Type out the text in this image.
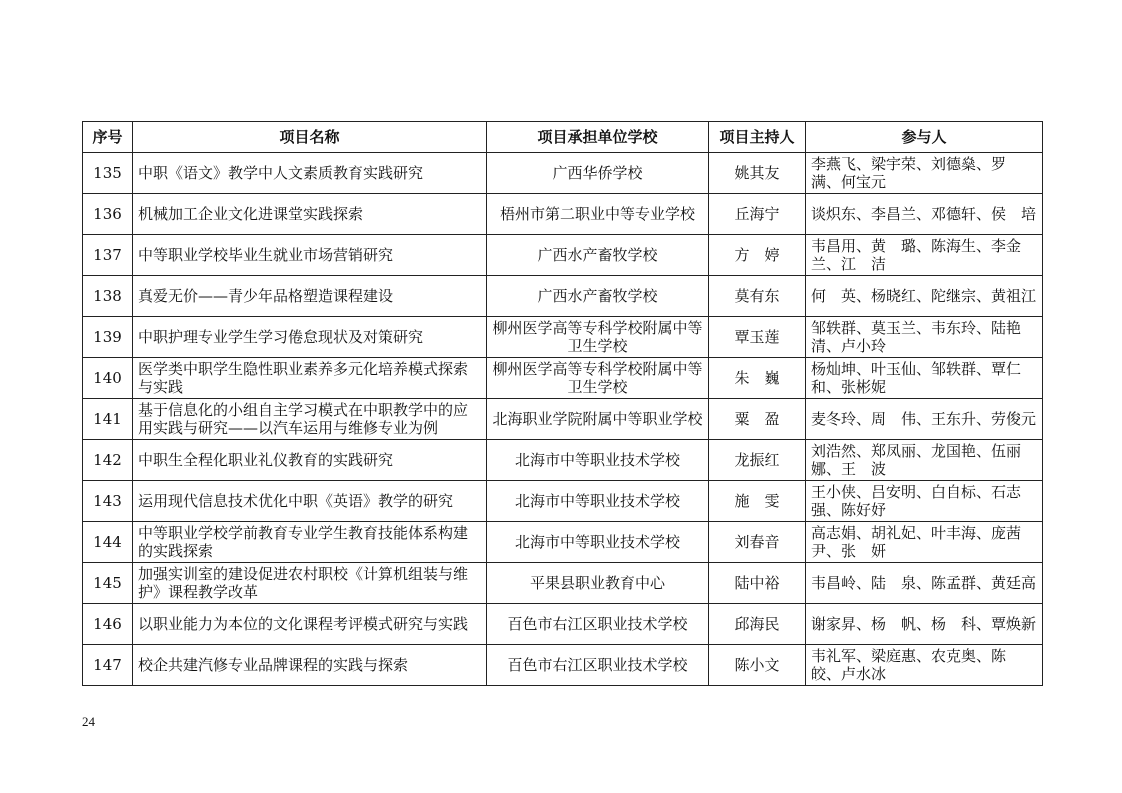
序号	项目名称	项目承担单位学校	项目主持人	参与人
135	中职《语文》教学中人文素质教育实践研究	广西华侨学校	姚其友	李燕飞、梁宇荣、刘德燊、罗　满、何宝元
136	机械加工企业文化进课堂实践探索	梧州市第二职业中等专业学校	丘海宁	谈炽东、李昌兰、邓德轩、侯　培
137	中等职业学校毕业生就业市场营销研究	广西水产畜牧学校	方　婷	韦昌用、黄　璐、陈海生、李金兰、江　洁
138	真爱无价——青少年品格塑造课程建设	广西水产畜牧学校	莫有东	何　英、杨晓红、陀继宗、黄祖江
139	中职护理专业学生学习倦怠现状及对策研究	柳州医学高等专科学校附属中等卫生学校	覃玉莲	邹轶群、莫玉兰、韦东玲、陆艳清、卢小玲
140	医学类中职学生隐性职业素养多元化培养模式探索与实践	柳州医学高等专科学校附属中等卫生学校	朱　巍	杨灿坤、叶玉仙、邹轶群、覃仁和、张彬妮
141	基于信息化的小组自主学习模式在中职教学中的应用实践与研究——以汽车运用与维修专业为例	北海职业学院附属中等职业学校	粟　盈	麦冬玲、周　伟、王东升、劳俊元
142	中职生全程化职业礼仪教育的实践研究	北海市中等职业技术学校	龙振红	刘浩然、郑凤丽、龙国艳、伍丽娜、王　波
143	运用现代信息技术优化中职《英语》教学的研究	北海市中等职业技术学校	施　雯	王小侠、吕安明、白自标、石志强、陈好妤
144	中等职业学校学前教育专业学生教育技能体系构建的实践探索	北海市中等职业技术学校	刘春音	高志娟、胡礼妃、叶丰海、庞茜尹、张　妍
145	加强实训室的建设促进农村职校《计算机组装与维护》课程教学改革	平果县职业教育中心	陆中裕	韦昌岭、陆　泉、陈孟群、黄廷高
146	以职业能力为本位的文化课程考评模式研究与实践	百色市右江区职业技术学校	邱海民	谢家昇、杨　帆、杨　科、覃焕新
147	校企共建汽修专业品牌课程的实践与探索	百色市右江区职业技术学校	陈小文	韦礼军、梁庭惠、农克奥、陈　皎、卢水冰
24
